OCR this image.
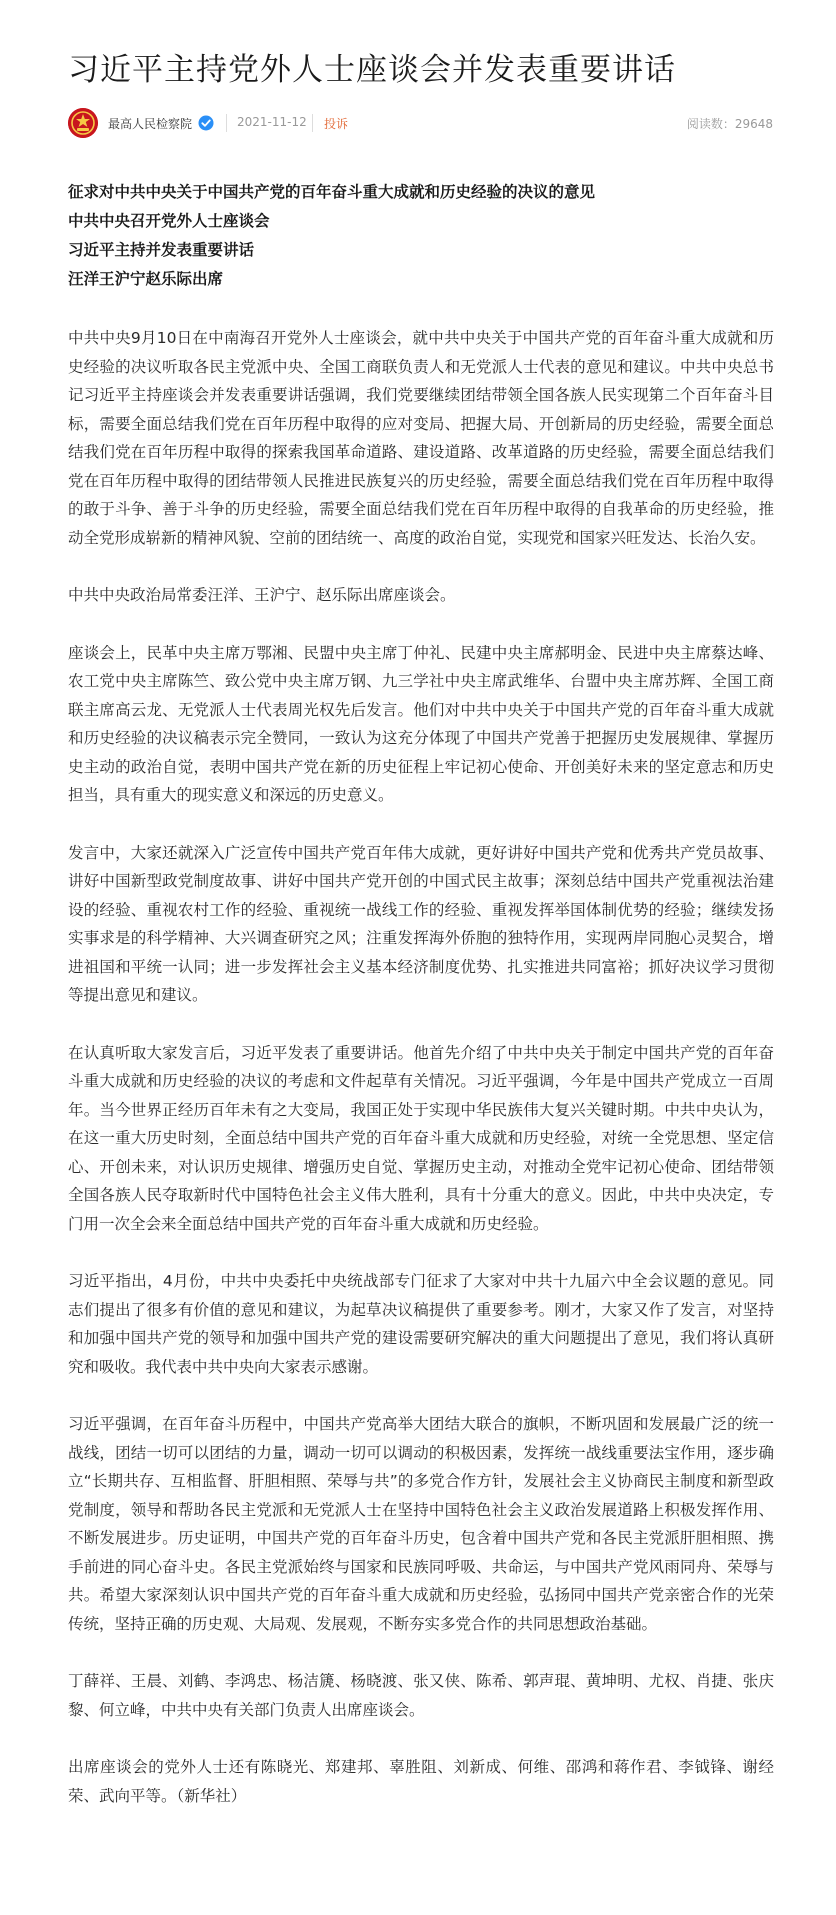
习近平主持党外人士座谈会并发表重要讲话
最高人民检察院	2021-11-12 投诉	阅读数：29648
征求对中共中央关于中国共产党的百年奋斗重大成就和历史经验的决议的意见
中共中央召开党外人士座谈会
习近平主持并发表重要讲话
汪洋王沪宁赵乐际出席

中共中央9月10日在中南海召开党外人士座谈会，就中共中央关于中国共产党的百年奋斗重大成就和历史经验的决议听取各民主党派中央、全国工商联负责人和无党派人士代表的意见和建议。中共中央总书记习近平主持座谈会并发表重要讲话强调，我们党要继续团结带领全国各族人民实现第二个百年奋斗目标，需要全面总结我们党在百年历程中取得的应对变局、把握大局、开创新局的历史经验，需要全面总结我们党在百年历程中取得的探索我国革命道路、建设道路、改革道路的历史经验，需要全面总结我们党在百年历程中取得的团结带领人民推进民族复兴的历史经验，需要全面总结我们党在百年历程中取得的敢于斗争、善于斗争的历史经验，需要全面总结我们党在百年历程中取得的自我革命的历史经验，推动全党形成崭新的精神风貌、空前的团结统一、高度的政治自觉，实现党和国家兴旺发达、长治久安。

中共中央政治局常委汪洋、王沪宁、赵乐际出席座谈会。

座谈会上，民革中央主席万鄂湘、民盟中央主席丁仲礼、民建中央主席郝明金、民进中央主席蔡达峰、农工党中央主席陈竺、致公党中央主席万钢、九三学社中央主席武维华、台盟中央主席苏辉、全国工商联主席高云龙、无党派人士代表周光权先后发言。他们对中共中央关于中国共产党的百年奋斗重大成就和历史经验的决议稿表示完全赞同，一致认为这充分体现了中国共产党善于把握历史发展规律、掌握历史主动的政治自觉，表明中国共产党在新的历史征程上牢记初心使命、开创美好未来的坚定意志和历史担当，具有重大的现实意义和深远的历史意义。

发言中，大家还就深入广泛宣传中国共产党百年伟大成就，更好讲好中国共产党和优秀共产党员故事、讲好中国新型政党制度故事、讲好中国共产党开创的中国式民主故事；深刻总结中国共产党重视法治建设的经验、重视农村工作的经验、重视统一战线工作的经验、重视发挥举国体制优势的经验；继续发扬实事求是的科学精神、大兴调查研究之风；注重发挥海外侨胞的独特作用，实现两岸同胞心灵契合，增进祖国和平统一认同；进一步发挥社会主义基本经济制度优势、扎实推进共同富裕；抓好决议学习贯彻等提出意见和建议。

在认真听取大家发言后，习近平发表了重要讲话。他首先介绍了中共中央关于制定中国共产党的百年奋斗重大成就和历史经验的决议的考虑和文件起草有关情况。习近平强调，今年是中国共产党成立一百周年。当今世界正经历百年未有之大变局，我国正处于实现中华民族伟大复兴关键时期。中共中央认为，在这一重大历史时刻，全面总结中国共产党的百年奋斗重大成就和历史经验，对统一全党思想、坚定信心、开创未来，对认识历史规律、增强历史自觉、掌握历史主动，对推动全党牢记初心使命、团结带领全国各族人民夺取新时代中国特色社会主义伟大胜利，具有十分重大的意义。因此，中共中央决定，专门用一次全会来全面总结中国共产党的百年奋斗重大成就和历史经验。

习近平指出，4月份，中共中央委托中央统战部专门征求了大家对中共十九届六中全会议题的意见。同志们提出了很多有价值的意见和建议，为起草决议稿提供了重要参考。刚才，大家又作了发言，对坚持和加强中国共产党的领导和加强中国共产党的建设需要研究解决的重大问题提出了意见，我们将认真研究和吸收。我代表中共中央向大家表示感谢。

习近平强调，在百年奋斗历程中，中国共产党高举大团结大联合的旗帜，不断巩固和发展最广泛的统一战线，团结一切可以团结的力量，调动一切可以调动的积极因素，发挥统一战线重要法宝作用，逐步确立“长期共存、互相监督、肝胆相照、荣辱与共”的多党合作方针，发展社会主义协商民主制度和新型政党制度，领导和帮助各民主党派和无党派人士在坚持中国特色社会主义政治发展道路上积极发挥作用、不断发展进步。历史证明，中国共产党的百年奋斗历史，包含着中国共产党和各民主党派肝胆相照、携手前进的同心奋斗史。各民主党派始终与国家和民族同呼吸、共命运，与中国共产党风雨同舟、荣辱与共。希望大家深刻认识中国共产党的百年奋斗重大成就和历史经验，弘扬同中国共产党亲密合作的光荣传统，坚持正确的历史观、大局观、发展观，不断夯实多党合作的共同思想政治基础。

丁薛祥、王晨、刘鹤、李鸿忠、杨洁篪、杨晓渡、张又侠、陈希、郭声琨、黄坤明、尤权、肖捷、张庆黎、何立峰，中共中央有关部门负责人出席座谈会。

出席座谈会的党外人士还有陈晓光、郑建邦、辜胜阻、刘新成、何维、邵鸿和蒋作君、李钺锋、谢经荣、武向平等。（新华社）
